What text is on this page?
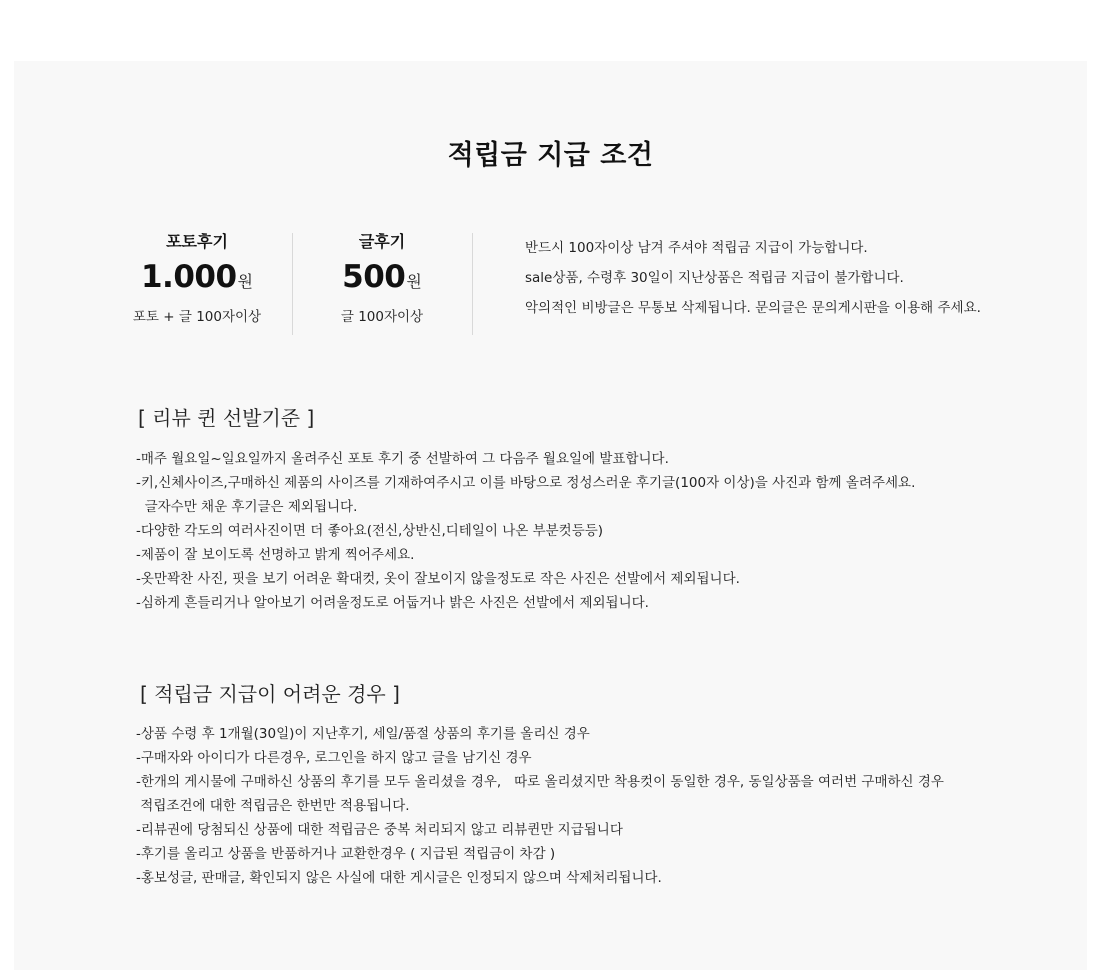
적립금 지급 조건
포토후기
1.000원
포토 + 글 100자이상
글후기
500원
글 100자이상
반드시 100자이상 남겨 주셔야 적립금 지급이 가능합니다.
sale상품, 수령후 30일이 지난상품은 적립금 지급이 불가합니다.
악의적인 비방글은 무통보 삭제됩니다. 문의글은 문의게시판을 이용해 주세요.
[ 리뷰 퀸 선발기준 ]
-매주 월요일~일요일까지 올려주신 포토 후기 중 선발하여 그 다음주 월요일에 발표합니다.
-키,신체사이즈,구매하신 제품의 사이즈를 기재하여주시고 이를 바탕으로 정성스러운 후기글(100자 이상)을 사진과 함께 올려주세요.
글자수만 채운 후기글은 제외됩니다.
-다양한 각도의 여러사진이면 더 좋아요(전신,상반신,디테일이 나온 부분컷등등)
-제품이 잘 보이도록 선명하고 밝게 찍어주세요.
-옷만꽉찬 사진, 핏을 보기 어려운 확대컷, 옷이 잘보이지 않을정도로 작은 사진은 선발에서 제외됩니다.
-심하게 흔들리거나 알아보기 어려울정도로 어둡거나 밝은 사진은 선발에서 제외됩니다.
[ 적립금 지급이 어려운 경우 ]
-상품 수령 후 1개월(30일)이 지난후기, 세일/품절 상품의 후기를 올리신 경우
-구매자와 아이디가 다른경우, 로그인을 하지 않고 글을 남기신 경우
-한개의 게시물에 구매하신 상품의 후기를 모두 올리셨을 경우,   따로 올리셨지만 착용컷이 동일한 경우, 동일상품을 여러번 구매하신 경우
적립조건에 대한 적립금은 한번만 적용됩니다.
-리뷰권에 당첨되신 상품에 대한 적립금은 중복 처리되지 않고 리뷰퀸만 지급됩니다
-후기를 올리고 상품을 반품하거나 교환한경우 ( 지급된 적립금이 차감 )
-홍보성글, 판매글, 확인되지 않은 사실에 대한 게시글은 인정되지 않으며 삭제처리됩니다.
